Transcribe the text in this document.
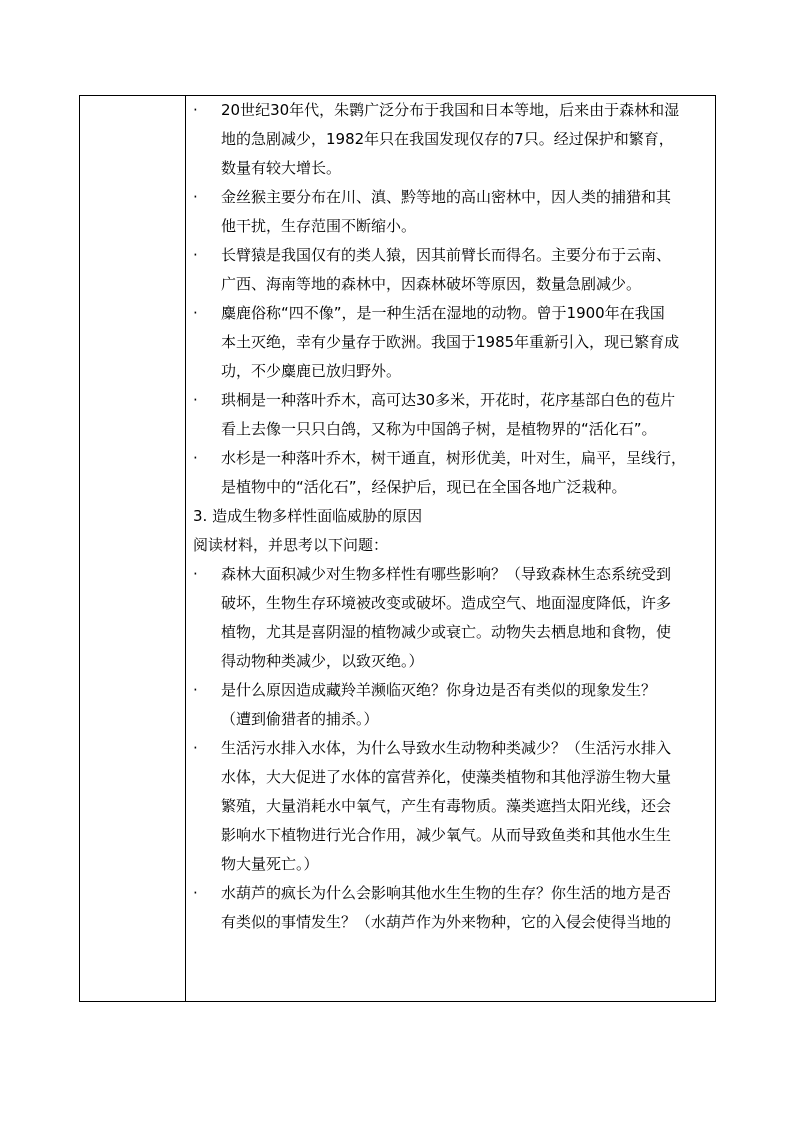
·	20世纪30年代，朱鹮广泛分布于我国和日本等地，后来由于森林和湿
地的急剧减少，1982年只在我国发现仅存的7只。经过保护和繁育，
数量有较大增长。
·	金丝猴主要分布在川、滇、黔等地的高山密林中，因人类的捕猎和其
他干扰，生存范围不断缩小。
·	长臂猿是我国仅有的类人猿，因其前臂长而得名。主要分布于云南、
广西、海南等地的森林中，因森林破坏等原因，数量急剧减少。
·	麋鹿俗称“四不像”，是一种生活在湿地的动物。曾于1900年在我国
本土灭绝，幸有少量存于欧洲。我国于1985年重新引入，现已繁育成
功，不少麋鹿已放归野外。
·	珙桐是一种落叶乔木，高可达30多米，开花时，花序基部白色的苞片
看上去像一只只白鸽，又称为中国鸽子树，是植物界的“活化石”。
·	水杉是一种落叶乔木，树干通直，树形优美，叶对生，扁平，呈线行，
是植物中的“活化石”，经保护后，现已在全国各地广泛栽种。
3. 造成生物多样性面临威胁的原因
阅读材料，并思考以下问题：
·	森林大面积减少对生物多样性有哪些影响？（导致森林生态系统受到
破坏，生物生存环境被改变或破坏。造成空气、地面湿度降低，许多
植物，尤其是喜阴湿的植物减少或衰亡。动物失去栖息地和食物，使
得动物种类减少，以致灭绝。）
·	是什么原因造成藏羚羊濒临灭绝？你身边是否有类似的现象发生？
（遭到偷猎者的捕杀。）
·	生活污水排入水体，为什么导致水生动物种类减少？（生活污水排入
水体，大大促进了水体的富营养化，使藻类植物和其他浮游生物大量
繁殖，大量消耗水中氧气，产生有毒物质。藻类遮挡太阳光线，还会
影响水下植物进行光合作用，减少氧气。从而导致鱼类和其他水生生
物大量死亡。）
·	水葫芦的疯长为什么会影响其他水生生物的生存？你生活的地方是否
有类似的事情发生？（水葫芦作为外来物种，它的入侵会使得当地的
